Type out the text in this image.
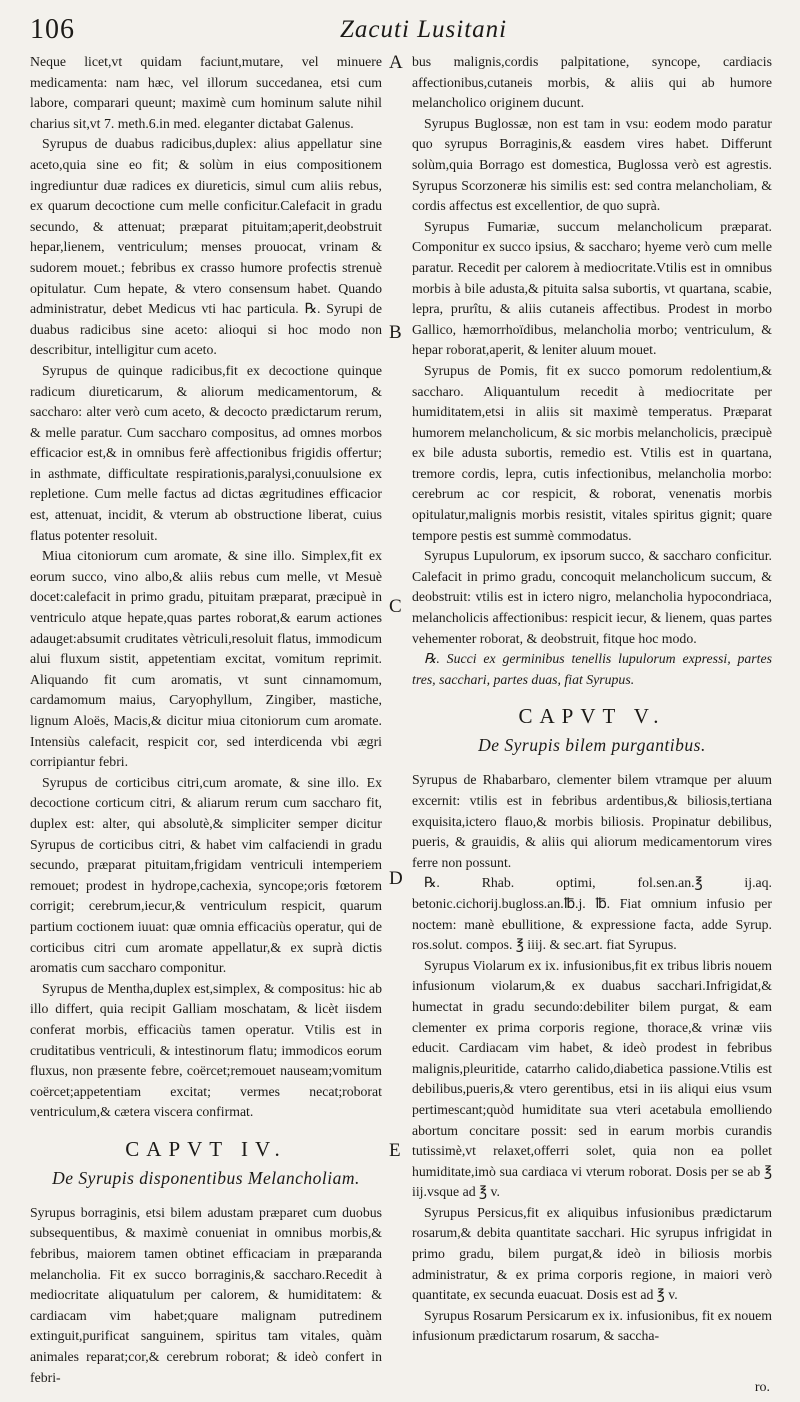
106	Zacuti Lusitani

Neque licet,vt quidam faciunt,mutare, vel minuere medicamenta: nam hæc, vel illorum succedanea, etsi cum labore, comparari queunt; maximè cum hominum salute nihil charius sit,vt 7. meth.6.in med. eleganter dictabat Galenus.

Syrupus de duabus radicibus,duplex: alius appellatur sine aceto,quia sine eo fit; & solùm in eius compositionem ingrediuntur duæ radices ex diureticis, simul cum aliis rebus, ex quarum decoctione cum melle conficitur.Calefacit in gradu secundo, & attenuat; præparat pituitam;aperit,deobstruit hepar,lienem, ventriculum; menses prouocat, vrinam & sudorem mouet.; febribus ex crasso humore profectis strenuè opitulatur. Cum hepate, & vtero consensum habet. Quando administratur, debet Medicus vti hac particula. ℞. Syrupi de duabus radicibus sine aceto: alioqui si hoc modo non describitur, intelligitur cum aceto.

Syrupus de quinque radicibus,fit ex decoctione quinque radicum diureticarum, & aliorum medicamentorum, & saccharo: alter verò cum aceto, & decocto prædictarum rerum, & melle paratur. Cum saccharo compositus, ad omnes morbos efficacior est,& in omnibus ferè affectionibus frigidis offertur; in asthmate, difficultate respirationis,paralysi,conuulsione ex repletione. Cum melle factus ad dictas ægritudines efficacior est, attenuat, incidit, & vterum ab obstructione liberat, cuius flatus potenter resoluit.

Miua citoniorum cum aromate, & sine illo. Simplex,fit ex eorum succo, vino albo,& aliis rebus cum melle, vt Mesuè docet:calefacit in primo gradu, pituitam præparat, præcipuè in ventriculo atque hepate,quas partes roborat,& earum actiones adauget:absumit cruditates vètriculi,resoluit flatus, immodicum alui fluxum sistit, appetentiam excitat, vomitum reprimit. Aliquando fit cum aromatis, vt sunt cinnamomum, cardamomum maius, Caryophyllum, Zingiber, mastiche, lignum Aloës, Macis,& dicitur miua citoniorum cum aromate. Intensiùs calefacit, respicit cor, sed interdicenda vbi ægri corripiantur febri.

Syrupus de corticibus citri,cum aromate, & sine illo. Ex decoctione corticum citri, & aliarum rerum cum saccharo fit, duplex est: alter, qui absolutè,& simpliciter semper dicitur Syrupus de corticibus citri, & habet vim calfaciendi in gradu secundo, præparat pituitam,frigidam ventriculi intemperiem remouet; prodest in hydrope,cachexia, syncope;oris fœtorem corrigit; cerebrum,iecur,& ventriculum respicit, quarum partium coctionem iuuat: quæ omnia efficaciùs operatur, qui de corticibus citri cum aromate appellatur,& ex suprà dictis aromatis cum saccharo componitur.

Syrupus de Mentha,duplex est,simplex, & compositus: hic ab illo differt, quia recipit Galliam moschatam, & licèt iisdem conferat morbis, efficaciùs tamen operatur. Vtilis est in cruditatibus ventriculi, & intestinorum flatu; immodicos eorum fluxus, non præsente febre, coërcet;remouet nauseam;vomitum coërcet;appetentiam excitat; vermes necat;roborat ventriculum,& cætera viscera confirmat.

CAPVT IV.
De Syrupis disponentibus Melancholiam.

Syrupus borraginis, etsi bilem adustam præparet cum duobus subsequentibus, & maximè conueniat in omnibus morbis,& febribus, maiorem tamen obtinet efficaciam in præparanda melancholia. Fit ex succo borraginis,& saccharo.Recedit à mediocritate aliquatulum per calorem, & humiditatem: & cardiacam vim habet;quare malignam putredinem extinguit,purificat sanguinem, spiritus tam vitales, quàm animales reparat;cor,& cerebrum roborat; & ideò confert in febri-

A
B
C
D
E

bus malignis,cordis palpitatione, syncope, cardiacis affectionibus,cutaneis morbis, & aliis qui ab humore melancholico originem ducunt.

Syrupus Buglossæ, non est tam in vsu: eodem modo paratur quo syrupus Borraginis,& easdem vires habet. Differunt solùm,quia Borrago est domestica, Buglossa verò est agrestis. Syrupus Scorzoneræ his similis est: sed contra melancholiam, & cordis affectus est excellentior, de quo suprà.

Syrupus Fumariæ, succum melancholicum præparat. Componitur ex succo ipsius, & saccharo; hyeme verò cum melle paratur. Recedit per calorem à mediocritate.Vtilis est in omnibus morbis à bile adusta,& pituita salsa subortis, vt quartana, scabie, lepra, prurîtu, & aliis cutaneis affectibus. Prodest in morbo Gallico, hæmorrhoïdibus, melancholia morbo; ventriculum, & hepar roborat,aperit, & leniter aluum mouet.

Syrupus de Pomis, fit ex succo pomorum redolentium,& saccharo. Aliquantulum recedit à mediocritate per humiditatem,etsi in aliis sit maximè temperatus. Præparat humorem melancholicum, & sic morbis melancholicis, præcipuè ex bile adusta subortis, remedio est. Vtilis est in quartana, tremore cordis, lepra, cutis infectionibus, melancholia morbo: cerebrum ac cor respicit, & roborat, venenatis morbis opitulatur,malignis morbis resistit, vitales spiritus gignit; quare tempore pestis est summè commodatus.

Syrupus Lupulorum, ex ipsorum succo, & saccharo conficitur. Calefacit in primo gradu, concoquit melancholicum succum, & deobstruit: vtilis est in ictero nigro, melancholia hypocondriaca, melancholicis affectionibus: respicit iecur, & lienem, quas partes vehementer roborat, & deobstruit, fitque hoc modo.

℞. Succi ex germinibus tenellis lupulorum expressi, partes tres, sacchari, partes duas, fiat Syrupus.

CAPVT V.
De Syrupis bilem purgantibus.

Syrupus de Rhabarbaro, clementer bilem vtramque per aluum excernit: vtilis est in febribus ardentibus,& biliosis,tertiana exquisita,ictero flauo,& morbis biliosis. Propinatur debilibus, pueris, & grauidis, & aliis qui aliorum medicamentorum vires ferre non possunt.

℞. Rhab. optimi, fol.sen.an.℥ ij.aq. betonic.cichorij.bugloss.an.℔.j. ℔. Fiat omnium infusio per noctem: manè ebullitione, & expressione facta, adde Syrup. ros.solut. compos. ℥ iiij. & sec.art. fiat Syrupus.

Syrupus Violarum ex ix. infusionibus,fit ex tribus libris nouem infusionum violarum,& ex duabus sacchari.Infrigidat,& humectat in gradu secundo:debiliter bilem purgat, & eam clementer ex prima corporis regione, thorace,& vrinæ viis educit. Cardiacam vim habet, & ideò prodest in febribus malignis,pleuritide, catarrho calido,diabetica passione.Vtilis est debilibus,pueris,& vtero gerentibus, etsi in iis aliqui eius vsum pertimescant;quòd humiditate sua vteri acetabula emolliendo abortum concitare possit: sed in earum morbis curandis tutissimè,vt relaxet,offerri solet, quia non ea pollet humiditate,imò sua cardiaca vi vterum roborat. Dosis per se ab ℥ iij.vsque ad ℥ v.

Syrupus Persicus,fit ex aliquibus infusionibus prædictarum rosarum,& debita quantitate sacchari. Hic syrupus infrigidat in primo gradu, bilem purgat,& ideò in biliosis morbis administratur, & ex prima corporis regione, in maiori verò quantitate, ex secunda euacuat. Dosis est ad ℥ v.

Syrupus Rosarum Persicarum ex ix. infusionibus, fit ex nouem infusionum prædictarum rosarum, & saccha-

ro.
